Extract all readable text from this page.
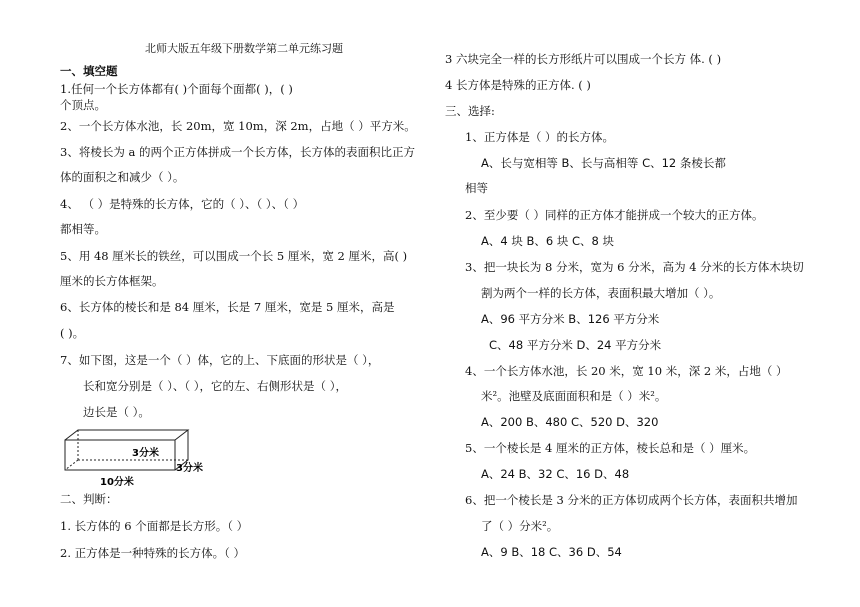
北师大版五年级下册数学第二单元练习题
一、填空题
1.任何一个长方体都有( )个面每个面都( )，( )
个顶点。
2、一个长方体水池，长 20m，宽 10m，深 2m，占地（ ）平方米。
3、将棱长为 a 的两个正方体拼成一个长方体，长方体的表面积比正方
体的面积之和减少（ ）。
4、 （ ）是特殊的长方体，它的（ ）、（ ）、（ ）
都相等。
5、用 48 厘米长的铁丝，可以围成一个长 5 厘米，宽 2 厘米，高( )
厘米的长方体框架。
6、长方体的棱长和是 84 厘米，长是 7 厘米，宽是 5 厘米，高是
( )。
7、如下图，这是一个（ ）体，它的上、下底面的形状是（ ），
长和宽分别是（ ）、（ ），它的左、右侧形状是（ ），
边长是（ ）。
3分米
3分米
10分米
二、判断：
1. 长方体的 6 个面都是长方形。（ ）
2. 正方体是一种特殊的长方体。（ ）
3 六块完全一样的长方形纸片可以围成一个长方 体. ( )
4 长方体是特殊的正方体. ( )
三、选择:
1、正方体是（ ）的长方体。
A、长与宽相等 B、长与高相等 C、12 条棱长都
相等
2、至少要（ ）同样的正方体才能拼成一个较大的正方体。
A、4 块 B、6 块 C、8 块
3、把一块长为 8 分米，宽为 6 分米，高为 4 分米的长方体木块切
割为两个一样的长方体，表面积最大增加（ ）。
A、96 平方分米 B、126 平方分米
C、48 平方分米 D、24 平方分米
4、一个长方体水池，长 20 米，宽 10 米，深 2 米，占地（ ）
米²。池壁及底面面积和是（ ）米²。
A、200 B、480 C、520 D、320
5、一个棱长是 4 厘米的正方体，棱长总和是（ ）厘米。
A、24 B、32 C、16 D、48
6、把一个棱长是 3 分米的正方体切成两个长方体，表面积共增加
了（ ）分米²。
A、9 B、18 C、36 D、54
